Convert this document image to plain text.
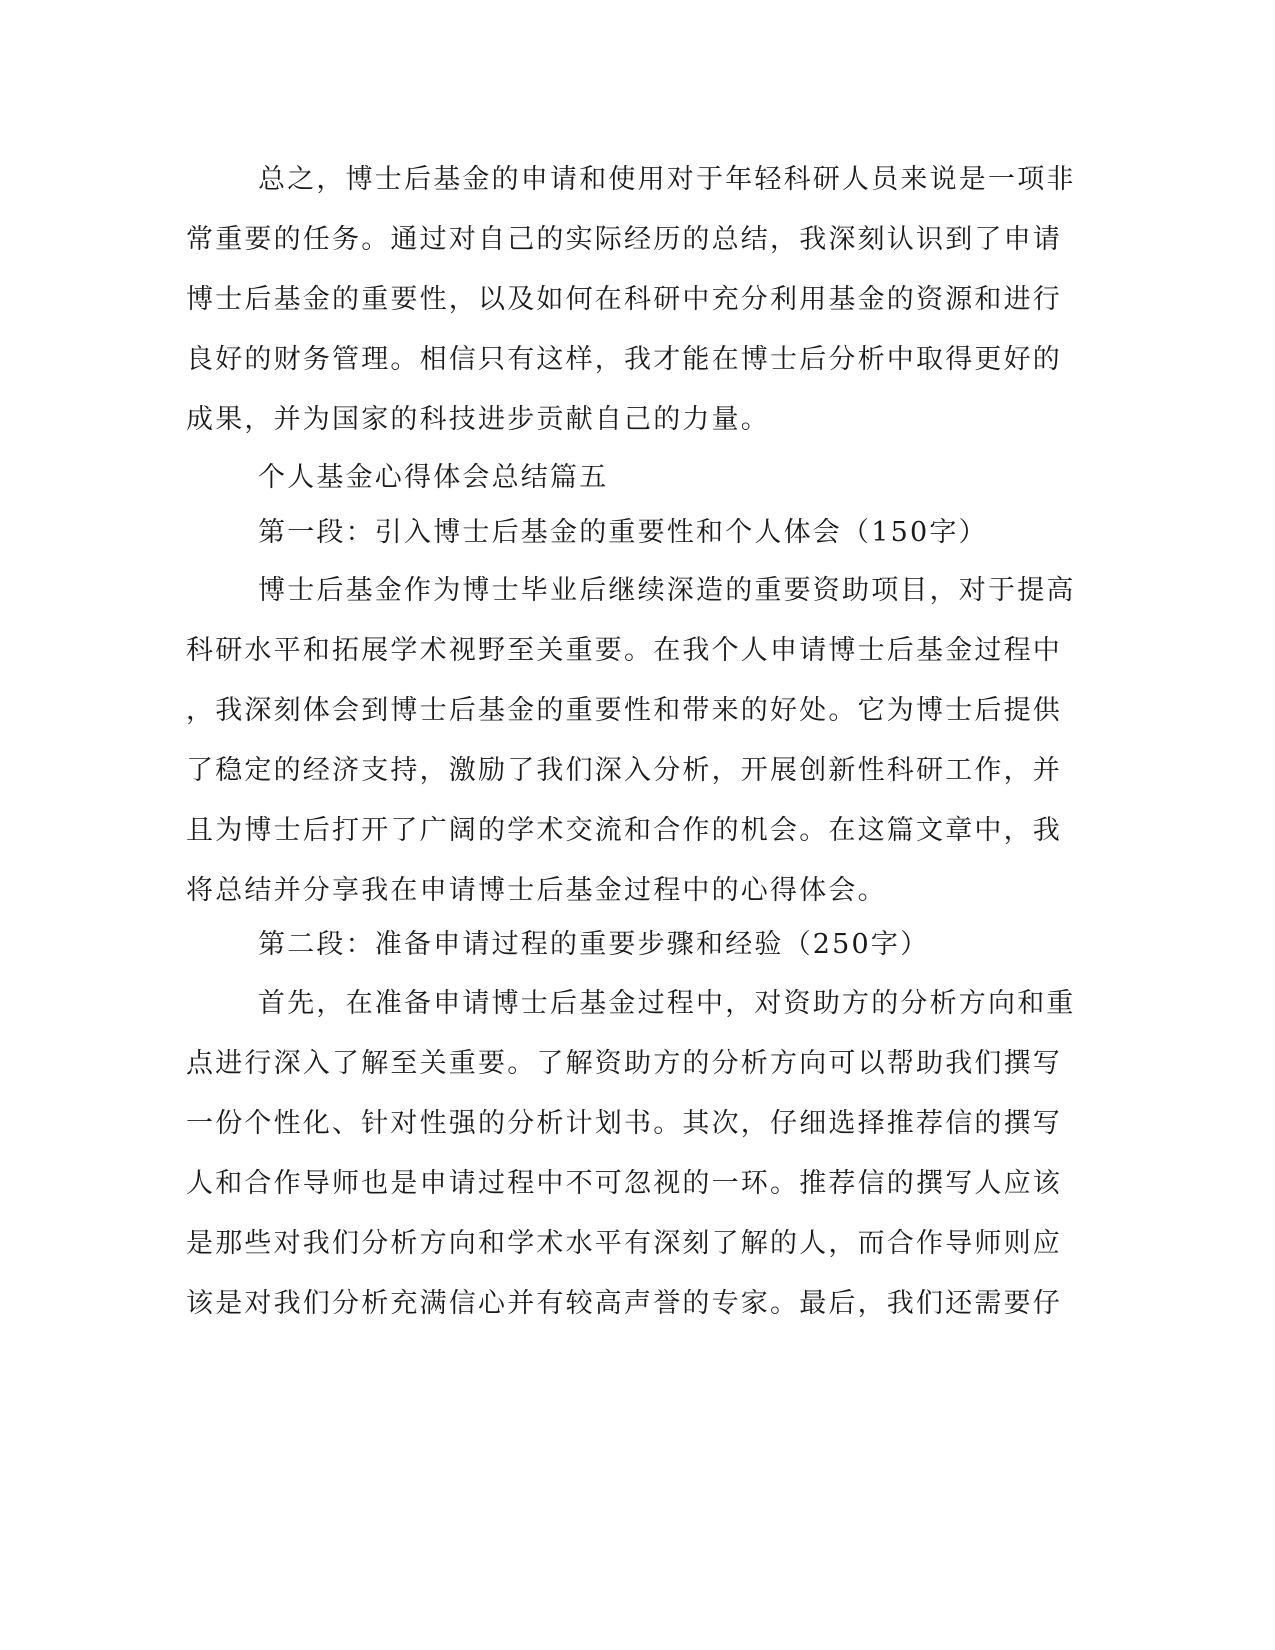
总之，博士后基金的申请和使用对于年轻科研人员来说是一项非
常重要的任务。通过对自己的实际经历的总结，我深刻认识到了申请
博士后基金的重要性，以及如何在科研中充分利用基金的资源和进行
良好的财务管理。相信只有这样，我才能在博士后分析中取得更好的
成果，并为国家的科技进步贡献自己的力量。
个人基金心得体会总结篇五
第一段：引入博士后基金的重要性和个人体会（150字）
博士后基金作为博士毕业后继续深造的重要资助项目，对于提高
科研水平和拓展学术视野至关重要。在我个人申请博士后基金过程中
，我深刻体会到博士后基金的重要性和带来的好处。它为博士后提供
了稳定的经济支持，激励了我们深入分析，开展创新性科研工作，并
且为博士后打开了广阔的学术交流和合作的机会。在这篇文章中，我
将总结并分享我在申请博士后基金过程中的心得体会。
第二段：准备申请过程的重要步骤和经验（250字）
首先，在准备申请博士后基金过程中，对资助方的分析方向和重
点进行深入了解至关重要。了解资助方的分析方向可以帮助我们撰写
一份个性化、针对性强的分析计划书。其次，仔细选择推荐信的撰写
人和合作导师也是申请过程中不可忽视的一环。推荐信的撰写人应该
是那些对我们分析方向和学术水平有深刻了解的人，而合作导师则应
该是对我们分析充满信心并有较高声誉的专家。最后，我们还需要仔
